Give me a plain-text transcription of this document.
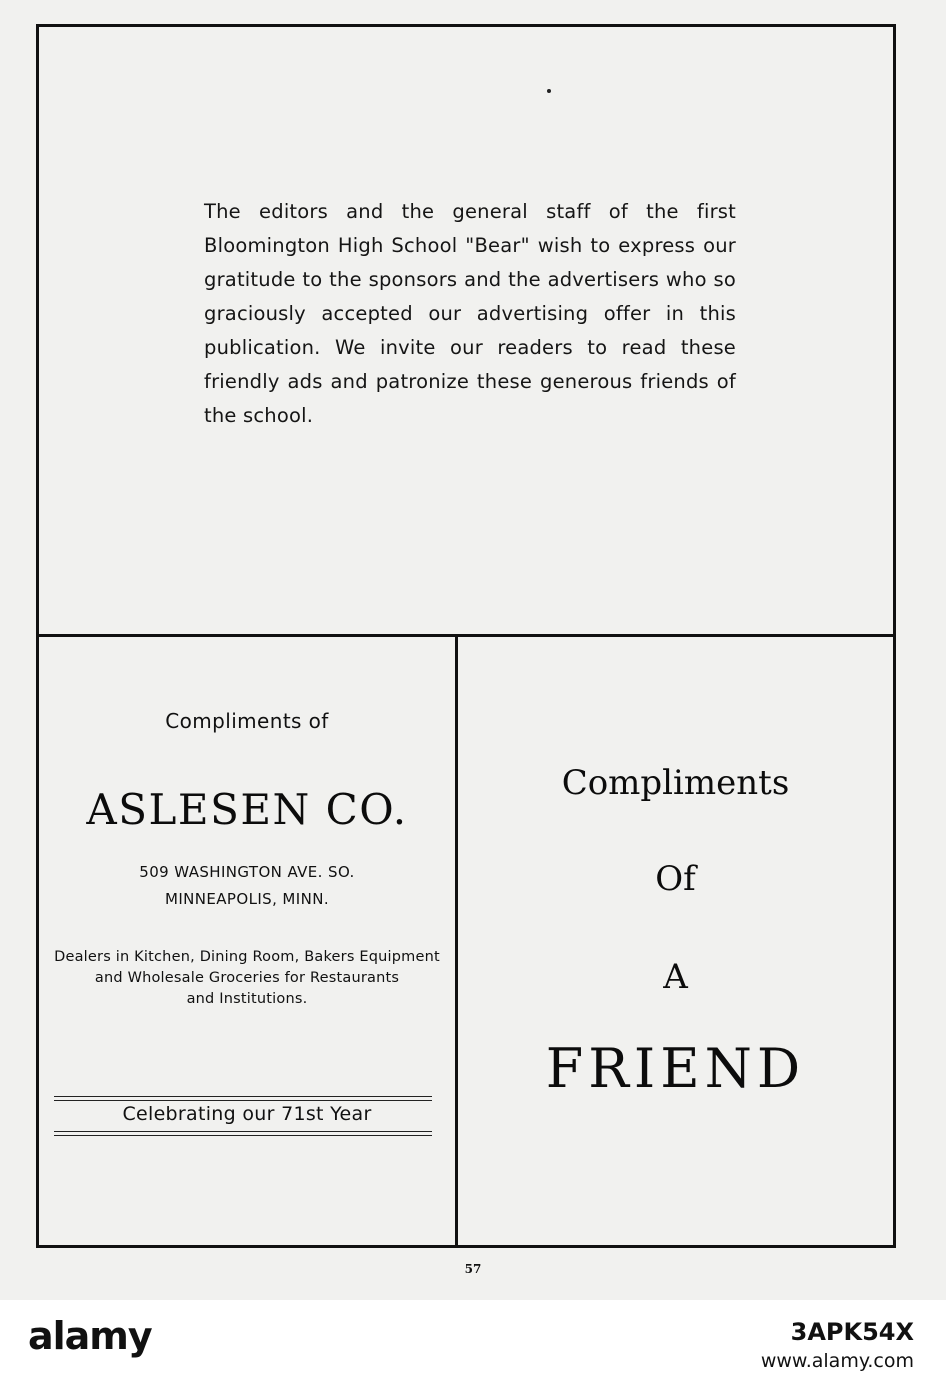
The editors and the general staff of the first Bloomington High School "Bear" wish to express our gratitude to the sponsors and the advertisers who so graciously accepted our advertising offer in this publication. We invite our readers to read these friendly ads and patronize these generous friends of the school.
Compliments of
ASLESEN CO.
509 WASHINGTON AVE. SO.
MINNEAPOLIS, MINN.
Dealers in Kitchen, Dining Room, Bakers Equipment
and Wholesale Groceries for Restaurants
and Institutions.
Celebrating our 71st Year
Compliments
Of
A
FRIEND
57
alamy	3APK54X
www.alamy.com
